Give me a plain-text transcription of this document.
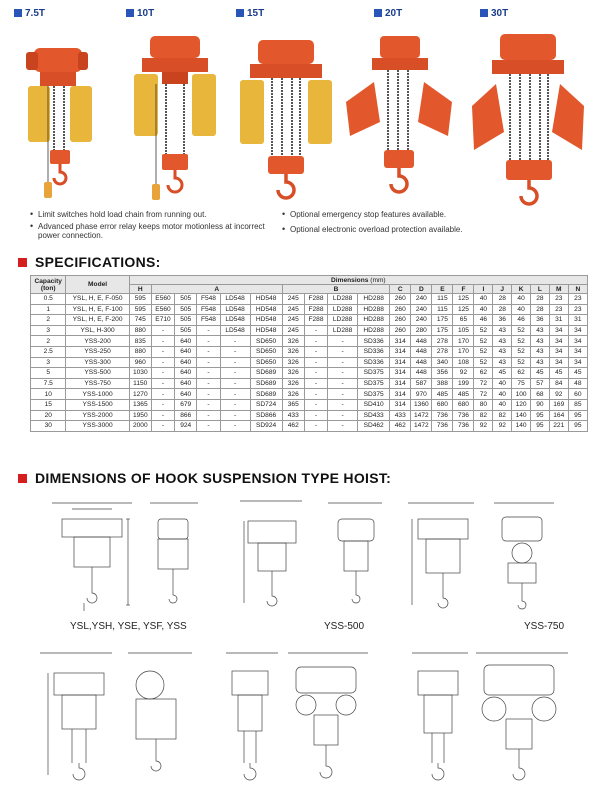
7.5T	10T	15T	20T	30T
• Limit switches hold load chain from running out.
• Advanced phase error relay keeps motor motionless at incorrect power connection.
• Optional emergency stop features available.
• Optional electronic overload protection available.
SPECIFICATIONS:
Capacity
(ton)	Model	Dimensions (mm)																			
		H	A					B				C	D	E	F	I	J	K	L	M	N
0.5	YSL, H, E, F-050	595	E560	505	F548	LD548	HD548	245	F288	LD288	HD288	260	240	115	125	40	28	40	28	23	23
1	YSL, H, E, F-100	595	E560	505	F548	LD548	HD548	245	F288	LD288	HD288	260	240	115	125	40	28	40	28	23	23
2	YSL, H, E, F-200	745	E710	505	F548	LD548	HD548	245	F288	LD288	HD288	260	240	175	65	46	36	46	36	31	31
3	YSL, H-300	880	-	505	-	LD548	HD548	245	-	LD288	HD288	260	280	175	105	52	43	52	43	34	34
2	YSS-200	835	-	640	-	-	SD650	326	-	-	SD336	314	448	278	170	52	43	52	43	34	34
2.5	YSS-250	880	-	640	-	-	SD650	326	-	-	SD336	314	448	278	170	52	43	52	43	34	34
3	YSS-300	960	-	640	-	-	SD650	326	-	-	SD336	314	448	340	108	52	43	52	43	34	34
5	YSS-500	1030	-	640	-	-	SD689	326	-	-	SD375	314	448	356	92	62	45	62	45	45	45
7.5	YSS-750	1150	-	640	-	-	SD689	326	-	-	SD375	314	587	388	199	72	40	75	57	84	48
10	YSS-1000	1270	-	640	-	-	SD689	326	-	-	SD375	314	970	485	485	72	40	100	68	92	60
15	YSS-1500	1365	-	679	-	-	SD724	365	-	-	SD410	314	1360	680	680	80	40	120	90	169	85
20	YSS-2000	1950	-	866	-	-	SD866	433	-	-	SD433	433	1472	736	736	82	82	140	95	164	95
30	YSS-3000	2000	-	924	-	-	SD924	462	-	-	SD462	462	1472	736	736	92	92	140	95	221	95
DIMENSIONS OF HOOK SUSPENSION TYPE HOIST:
YSL,YSH, YSE, YSF, YSS	YSS-500	YSS-750
